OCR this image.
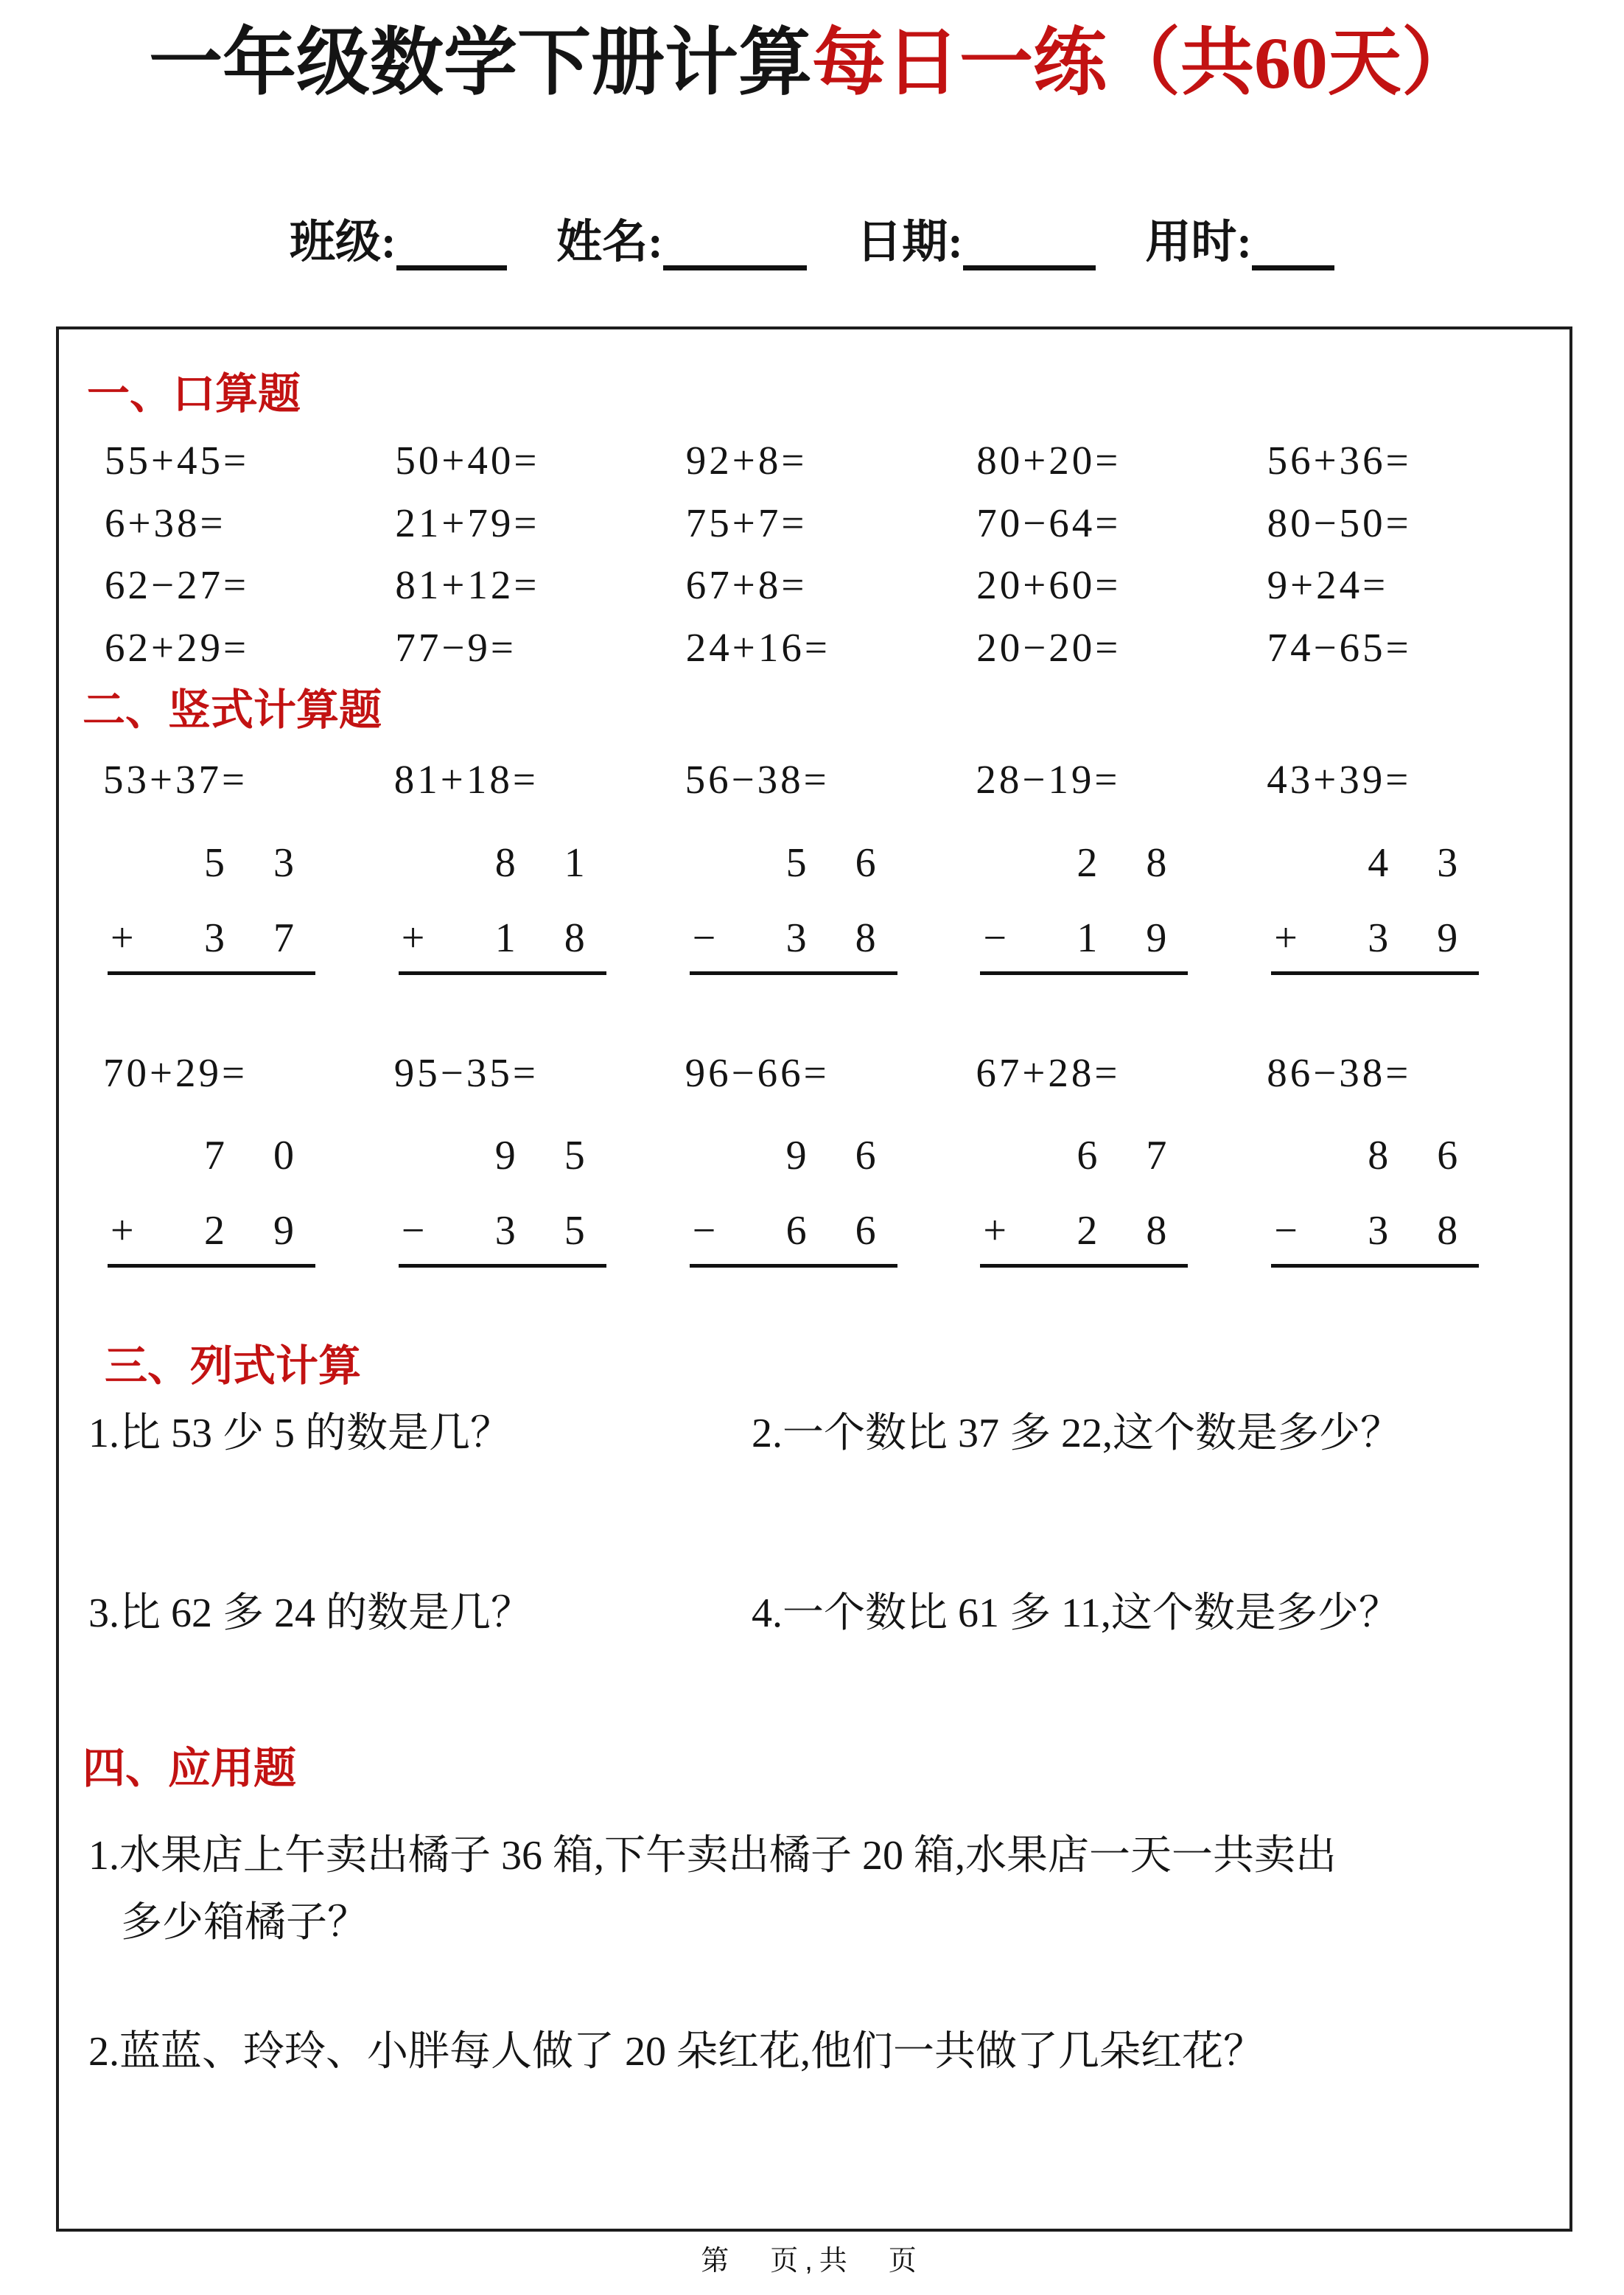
一年级数学下册计算每日一练（共60天）
班级:	姓名:	日期:	用时:
一、口算题
55+45=	50+40=	92+8=	80+20=	56+36=
6+38=	21+79=	75+7=	70−64=	80−50=
62−27=	81+12=	67+8=	20+60=	9+24=
62+29=	77−9=	24+16=	20−20=	74−65=
二、竖式计算题
53+37=	81+18=	56−38=	28−19=	43+39=
5	3
+	3	7
8	1
+	1	8
5	6
−	3	8
2	8
−	1	9
4	3
+	3	9
70+29=	95−35=	96−66=	67+28=	86−38=
7	0
+	2	9
9	5
−	3	5
9	6
−	6	6
6	7
+	2	8
8	6
−	3	8
三、列式计算
1.比 53 少 5 的数是几？	2.一个数比 37 多 22,这个数是多少？
3.比 62 多 24 的数是几？	4.一个数比 61 多 11,这个数是多少？
四、应用题
1.水果店上午卖出橘子 36 箱,下午卖出橘子 20 箱,水果店一天一共卖出
多少箱橘子？
2.蓝蓝、玲玲、小胖每人做了 20 朵红花,他们一共做了几朵红花？
第　页,共　页
